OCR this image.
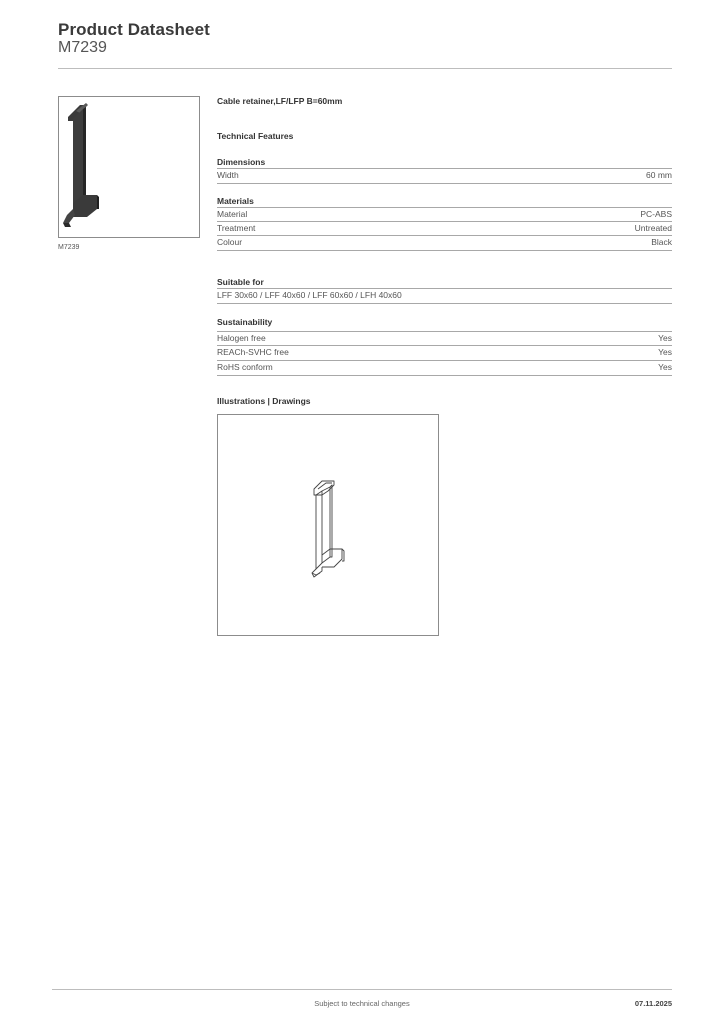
Product Datasheet
M7239
M7239
Cable retainer,LF/LFP B=60mm
Technical Features
Dimensions
Width	60 mm
Materials
Material	PC-ABS
Treatment	Untreated
Colour	Black
Suitable for
LFF 30x60 / LFF 40x60 / LFF 60x60 / LFH 40x60
Sustainability
Halogen free	Yes
REACh-SVHC free	Yes
RoHS conform	Yes
Illustrations | Drawings
Subject to technical changes	07.11.2025
